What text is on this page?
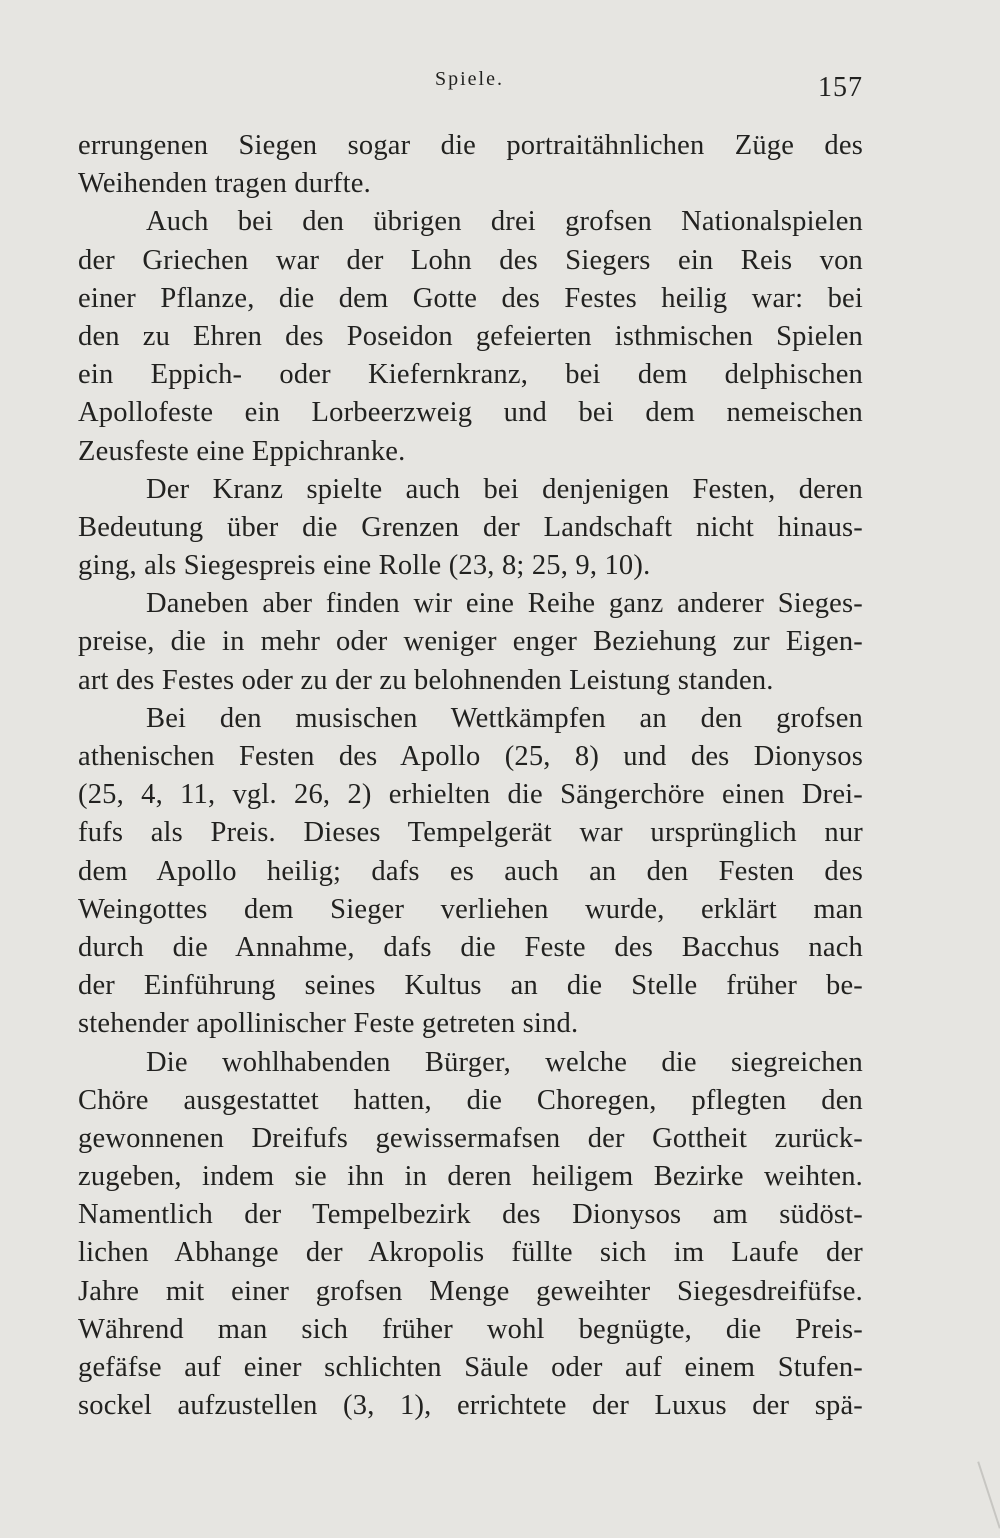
Spiele.	157
errungenen Siegen sogar die portraitähnlichen Züge des
Weihenden tragen durfte.
Auch bei den übrigen drei grofsen Nationalspielen
der Griechen war der Lohn des Siegers ein Reis von
einer Pflanze, die dem Gotte des Festes heilig war: bei
den zu Ehren des Poseidon gefeierten isthmischen Spielen
ein Eppich- oder Kiefernkranz, bei dem delphischen
Apollofeste ein Lorbeerzweig und bei dem nemeischen
Zeusfeste eine Eppichranke.
Der Kranz spielte auch bei denjenigen Festen, deren
Bedeutung über die Grenzen der Landschaft nicht hinaus-
ging, als Siegespreis eine Rolle (23, 8; 25, 9, 10).
Daneben aber finden wir eine Reihe ganz anderer Sieges-
preise, die in mehr oder weniger enger Beziehung zur Eigen-
art des Festes oder zu der zu belohnenden Leistung standen.
Bei den musischen Wettkämpfen an den grofsen
athenischen Festen des Apollo (25, 8) und des Dionysos
(25, 4, 11, vgl. 26, 2) erhielten die Sängerchöre einen Drei-
fufs als Preis. Dieses Tempelgerät war ursprünglich nur
dem Apollo heilig; dafs es auch an den Festen des
Weingottes dem Sieger verliehen wurde, erklärt man
durch die Annahme, dafs die Feste des Bacchus nach
der Einführung seines Kultus an die Stelle früher be-
stehender apollinischer Feste getreten sind.
Die wohlhabenden Bürger, welche die siegreichen
Chöre ausgestattet hatten, die Choregen, pflegten den
gewonnenen Dreifufs gewissermafsen der Gottheit zurück-
zugeben, indem sie ihn in deren heiligem Bezirke weihten.
Namentlich der Tempelbezirk des Dionysos am südöst-
lichen Abhange der Akropolis füllte sich im Laufe der
Jahre mit einer grofsen Menge geweihter Siegesdreifüfse.
Während man sich früher wohl begnügte, die Preis-
gefäfse auf einer schlichten Säule oder auf einem Stufen-
sockel aufzustellen (3, 1), errichtete der Luxus der spä-
